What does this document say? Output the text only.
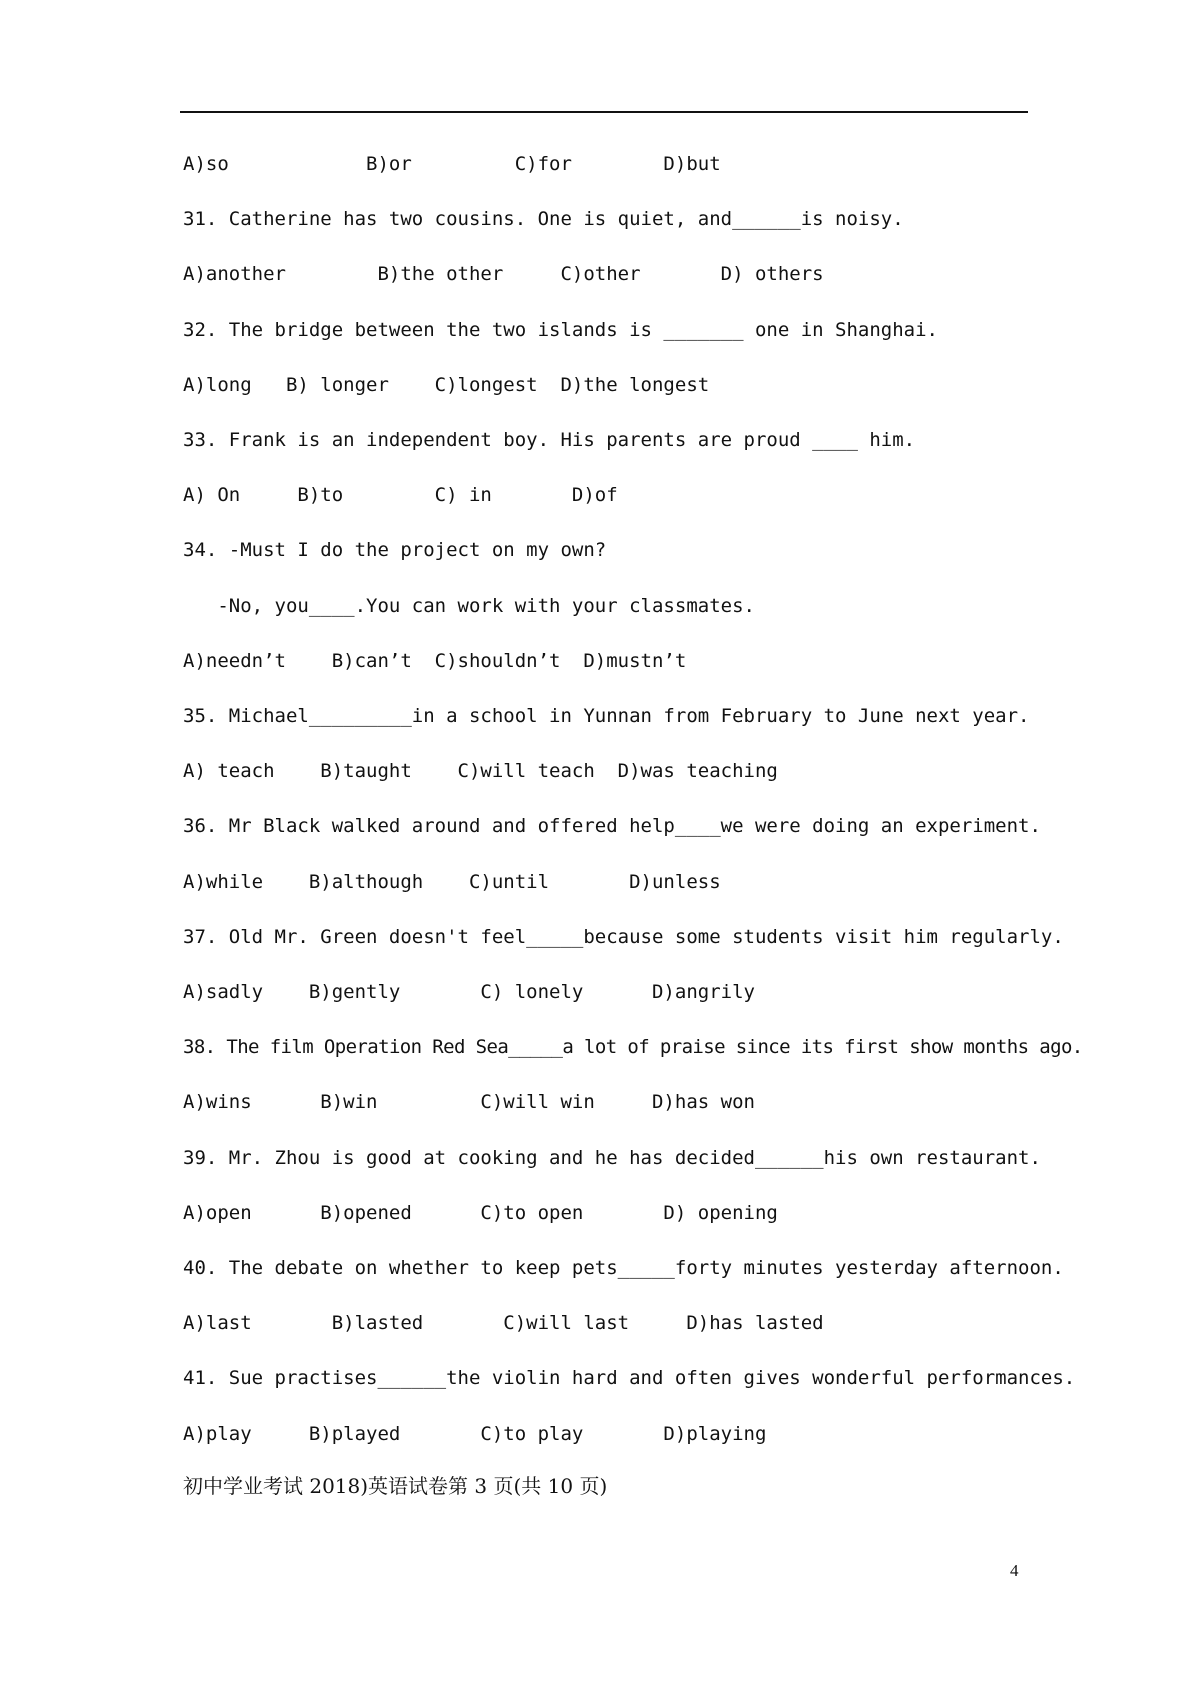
A)so            B)or         C)for        D)but
31. Catherine has two cousins. One is quiet, and______is noisy.
A)another        B)the other     C)other       D) others
32. The bridge between the two islands is _______ one in Shanghai.
A)long   B) longer    C)longest  D)the longest
33. Frank is an independent boy. His parents are proud ____ him.
A) On     B)to        C) in       D)of
34. -Must I do the project on my own?
-No, you____.You can work with your classmates.
A)needn’t    B)can’t  C)shouldn’t  D)mustn’t
35. Michael_________in a school in Yunnan from February to June next year.
A) teach    B)taught    C)will teach  D)was teaching
36. Mr Black walked around and offered help____we were doing an experiment.
A)while    B)although    C)until       D)unless
37. Old Mr. Green doesn't feel_____because some students visit him regularly.
A)sadly    B)gently       C) lonely      D)angrily
38. The film Operation Red Sea_____a lot of praise since its first show months ago.
A)wins      B)win         C)will win     D)has won
39. Mr. Zhou is good at cooking and he has decided______his own restaurant.
A)open      B)opened      C)to open       D) opening
40. The debate on whether to keep pets_____forty minutes yesterday afternoon.
A)last       B)lasted       C)will last     D)has lasted
41. Sue practises______the violin hard and often gives wonderful performances.
A)play     B)played       C)to play       D)playing
初中学业考试 2018)英语试卷第 3 页(共 10 页)
4
